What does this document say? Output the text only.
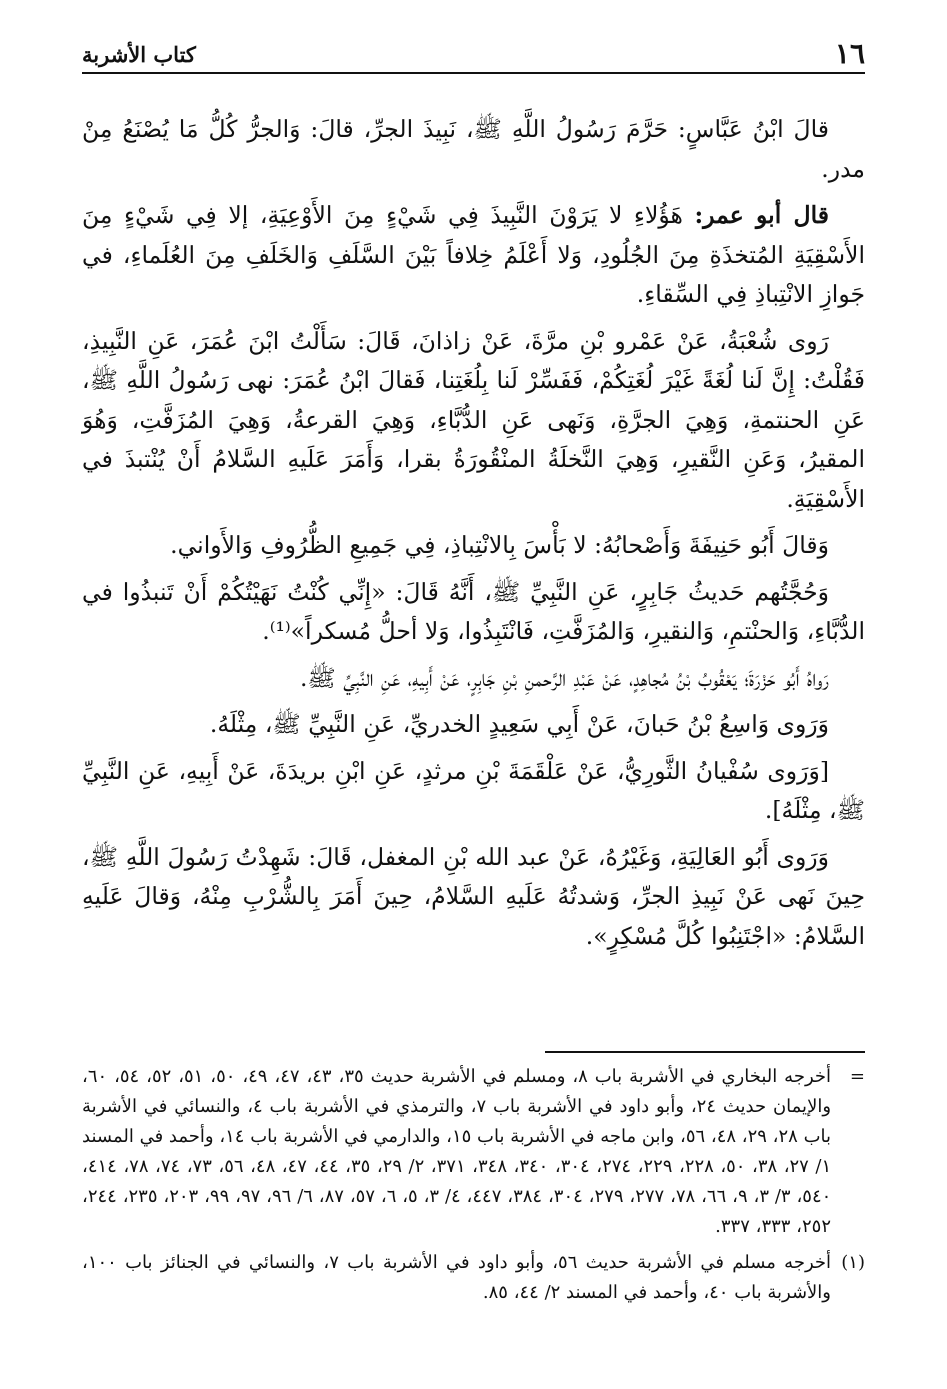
١٦
كتاب الأشربة

قالَ ابْنُ عَبَّاسٍ: حَرَّمَ رَسُولُ اللَّهِ ﷺ، نَبِيذَ الجرِّ، قالَ: وَالجرُّ كُلُّ مَا يُصْنَعُ مِنْ مدر.

قال أبو عمر: هَؤُلاءِ لا يَرَوْنَ النَّبِيذَ فِي شَيْءٍ مِنَ الأَوْعِيَةِ، إلا فِي شَيْءٍ مِنَ الأَسْقِيَةِ المُتخذَةِ مِنَ الجُلُودِ، وَلا أَعْلَمُ خِلافاً بَيْنَ السَّلَفِ وَالخَلَفِ مِنَ العُلَماءِ، في جَوازِ الانْتِباذِ فِي السِّقاءِ.

رَوى شُعْبَةُ، عَنْ عَمْرو بْنِ مرَّةَ، عَنْ زاذانَ، قَالَ: سَأَلْتُ ابْنَ عُمَرَ، عَنِ النَّبِيذِ، فَقُلْتُ: إِنَّ لَنا لُغَةً غَيْرَ لُغَتِكُمْ، فَفَسِّرْ لَنا بِلُغَتِنا، فَقالَ ابْنُ عُمَرَ: نهى رَسُولُ اللَّهِ ﷺ، عَنِ الحنتمةِ، وَهِيَ الجرَّةِ، وَنَهى عَنِ الدُّبَّاءِ، وَهِيَ القرعةُ، وَهِيَ المُزَفَّتِ، وَهُوَ المقيرُ، وَعَنِ النَّقيرِ، وَهِيَ النَّخلَةُ المنْقُورَةُ بقرا، وَأَمَرَ عَلَيهِ السَّلامُ أَنْ يُنْتبذَ في الأَسْقِيَةِ.

وَقالَ أَبُو حَنِيفَةَ وَأَصْحابُهُ: لا بَأْسَ بِالانْتِباذِ، فِي جَمِيعِ الظُّرُوفِ وَالأَواني.

وَحُجَّتُهم حَديثُ جَابِرٍ، عَنِ النَّبِيِّ ﷺ، أَنَّهُ قَالَ: «إِنِّي كُنْتُ نَهَيْتُكُمْ أَنْ تَنبذُوا في الدُّبَّاءِ، وَالحنْتمِ، وَالنقيرِ، وَالمُزَفَّتِ، فَانْتَبِذُوا، وَلا أحلُّ مُسكراً»⁽¹⁾.

رَواهُ أَبُو حَزْرَةَ؛ يَعْقُوبُ بْنُ مُجاهِدٍ، عَنْ عَبْدِ الرَّحمنِ بْنِ جَابِرٍ، عَنْ أَبِيهِ، عَنِ النَّبِيِّ ﷺ.

وَرَوى وَاسِعُ بْنُ حَبانَ، عَنْ أَبِي سَعِيدٍ الخدريِّ، عَنِ النَّبِيِّ ﷺ، مِثْلَهُ.

[وَرَوى سُفْيانُ الثَّورِيُّ، عَنْ عَلْقَمَةَ بْنِ مرثدٍ، عَنِ ابْنِ بريدَةَ، عَنْ أَبِيهِ، عَنِ النَّبِيِّ ﷺ، مِثْلَهُ].

وَرَوى أَبُو العَالِيَةِ، وَغَيْرُهُ، عَنْ عبد الله بْنِ المغفل، قَالَ: شَهِدْتُ رَسُولَ اللَّهِ ﷺ، حِينَ نَهى عَنْ نَبِيذِ الجرِّ، وَشدتُهُ عَلَيهِ السَّلامُ، حِينَ أَمَرَ بِالشُّرْبِ مِنْهُ، وَقالَ عَلَيهِ السَّلامُ: «اجْتَنِبُوا كُلَّ مُسْكِرٍ».

=
أخرجه البخاري في الأشربة باب ٨، ومسلم في الأشربة حديث ٣٥، ٤٣، ٤٧، ٤٩، ٥٠، ٥١، ٥٢، ٥٤، ٦٠، والإيمان حديث ٢٤، وأبو داود في الأشربة باب ٧، والترمذي في الأشربة باب ٤، والنسائي في الأشربة باب ٢٨، ٢٩، ٤٨، ٥٦، وابن ماجه في الأشربة باب ١٥، والدارمي في الأشربة باب ١٤، وأحمد في المسند ١/ ٢٧، ٣٨، ٥٠، ٢٢٨، ٢٢٩، ٢٧٤، ٣٠٤، ٣٤٠، ٣٤٨، ٣٧١، ٢/ ٢٩، ٣٥، ٤٤، ٤٧، ٤٨، ٥٦، ٧٣، ٧٤، ٧٨، ٤١٤، ٥٤٠، ٣/ ٣، ٩، ٦٦، ٧٨، ٢٧٧، ٢٧٩، ٣٠٤، ٣٨٤، ٤٤٧، ٤/ ٣، ٥، ٦، ٥٧، ٨٧، ٦/ ٩٦، ٩٧، ٩٩، ٢٠٣، ٢٣٥، ٢٤٤، ٢٥٢، ٣٣٣، ٣٣٧.
(١)
أخرجه مسلم في الأشربة حديث ٥٦، وأبو داود في الأشربة باب ٧، والنسائي في الجنائز باب ١٠٠، والأشربة باب ٤٠، وأحمد في المسند ٢/ ٤٤، ٨٥.
